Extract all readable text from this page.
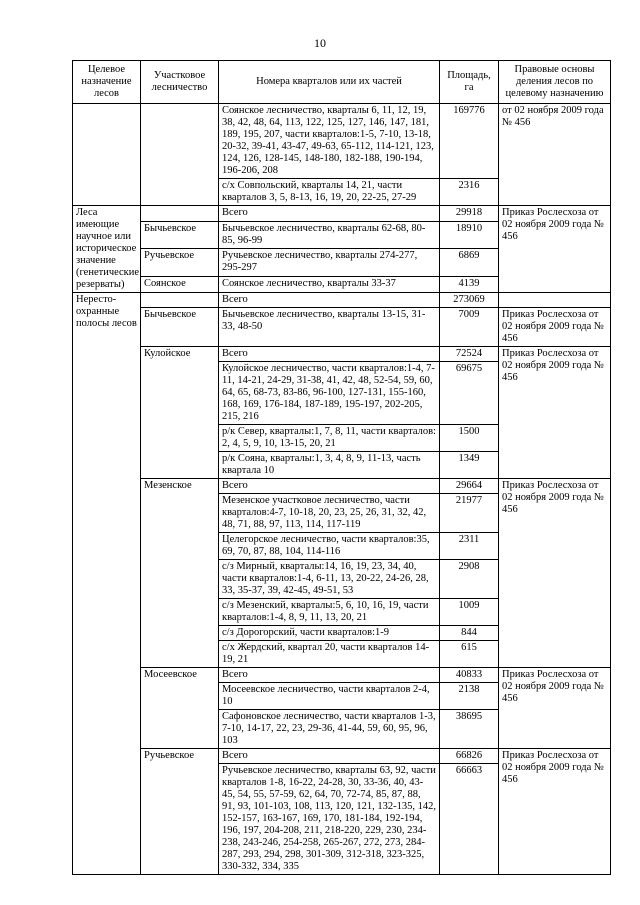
10
Целевое назначение лесов	Участковое лесничество	Номера кварталов или их частей	Площадь, га	Правовые основы деления лесов по целевому назначению
		Соянское лесничество, кварталы 6, 11, 12, 19, 38, 42, 48, 64, 113, 122, 125, 127, 146, 147, 181, 189, 195, 207, части кварталов:1-5, 7-10, 13-18, 20-32, 39-41, 43-47, 49-63, 65-112, 114-121, 123, 124, 126, 128-145, 148-180, 182-188, 190-194, 196-206, 208	169776	от 02 ноября 2009 года № 456
		с/х Совпольский, кварталы 14, 21, части кварталов 3, 5, 8-13, 16, 19, 20, 22-25, 27-29	2316	
Леса имеющие научное или историческое значение (генетические резерваты)		Всего	29918	Приказ Рослесхоза от 02 ноября 2009 года № 456
	Бычьевское	Бычьевское лесничество, кварталы 62-68, 80-85, 96-99	18910	
	Ручьевское	Ручьевское лесничество, кварталы 274-277, 295-297	6869	
	Соянское	Соянское лесничество, кварталы 33-37	4139	
Нересто-охранные полосы лесов		Всего	273069	
	Бычьевское	Бычьевское лесничество, кварталы 13-15, 31-33, 48-50	7009	Приказ Рослесхоза от 02 ноября 2009 года № 456
	Кулойское	Всего	72524	Приказ Рослесхоза от 02 ноября 2009 года № 456
		Кулойское лесничество, части кварталов:1-4, 7-11, 14-21, 24-29, 31-38, 41, 42, 48, 52-54, 59, 60, 64, 65, 68-73, 83-86, 96-100, 127-131, 155-160, 168, 169, 176-184, 187-189, 195-197, 202-205, 215, 216	69675	
		р/к Север, кварталы:1, 7, 8, 11, части кварталов: 2, 4, 5, 9, 10, 13-15, 20, 21	1500	
		р/к Сояна, кварталы:1, 3, 4, 8, 9, 11-13, часть квартала 10	1349	
	Мезенское	Всего	29664	Приказ Рослесхоза от 02 ноября 2009 года № 456
		Мезенское участковое лесничество, части кварталов:4-7, 10-18, 20, 23, 25, 26, 31, 32, 42, 48, 71, 88, 97, 113, 114, 117-119	21977	
		Целегорское лесничество, части кварталов:35, 69, 70, 87, 88, 104, 114-116	2311	
		с/з Мирный, кварталы:14, 16, 19, 23, 34, 40, части кварталов:1-4, 6-11, 13, 20-22, 24-26, 28, 33, 35-37, 39, 42-45, 49-51, 53	2908	
		с/з Мезенский, кварталы:5, 6, 10, 16, 19, части кварталов:1-4, 8, 9, 11, 13, 20, 21	1009	
		с/з Дорогорский, части кварталов:1-9	844	
		с/х Жердский, квартал 20, части кварталов 14-19, 21	615	
	Мосеевское	Всего	40833	Приказ Рослесхоза от 02 ноября 2009 года № 456
		Мосеевское лесничество, части кварталов 2-4, 10	2138	
		Сафоновское лесничество, части кварталов 1-3, 7-10, 14-17, 22, 23, 29-36, 41-44, 59, 60, 95, 96, 103	38695	
	Ручьевское	Всего	66826	Приказ Рослесхоза от 02 ноября 2009 года № 456
		Ручьевское лесничество, кварталы 63, 92, части кварталов 1-8, 16-22, 24-28, 30, 33-36, 40, 43-45, 54, 55, 57-59, 62, 64, 70, 72-74, 85, 87, 88, 91, 93, 101-103, 108, 113, 120, 121, 132-135, 142, 152-157, 163-167, 169, 170, 181-184, 192-194, 196, 197, 204-208, 211, 218-220, 229, 230, 234-238, 243-246, 254-258, 265-267, 272, 273, 284-287, 293, 294, 298, 301-309, 312-318, 323-325, 330-332, 334, 335	66663	
